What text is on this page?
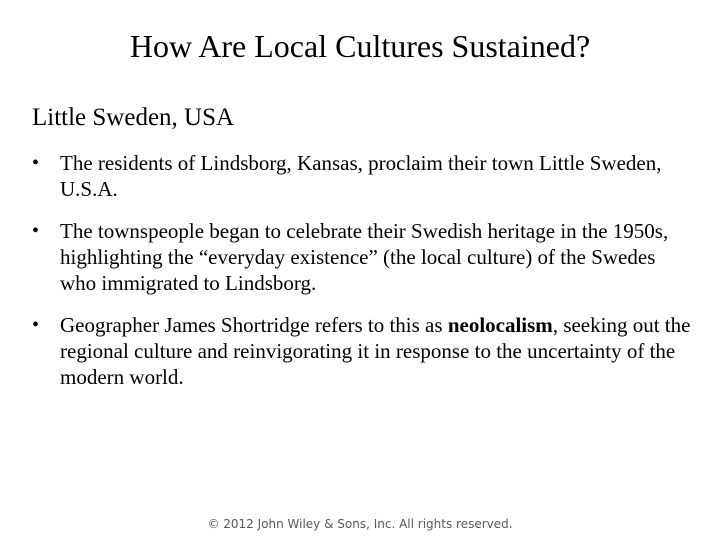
How Are Local Cultures Sustained?
Little Sweden, USA
• The residents of Lindsborg, Kansas, proclaim their town Little Sweden, U.S.A.
• The townspeople began to celebrate their Swedish heritage in the 1950s, highlighting the “everyday existence” (the local culture) of the Swedes who immigrated to Lindsborg.
• Geographer James Shortridge refers to this as neolocalism, seeking out the regional culture and reinvigorating it in response to the uncertainty of the modern world.
© 2012 John Wiley & Sons, Inc. All rights reserved.
